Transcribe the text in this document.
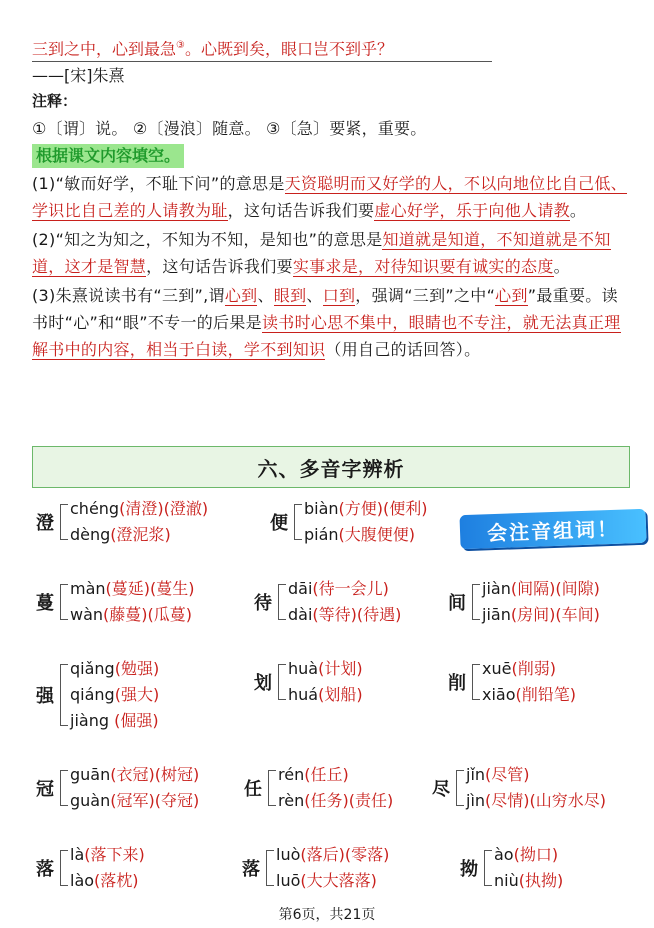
三到之中，心到最急③。心既到矣，眼口岂不到乎？
——[宋]朱熹
注释：
①〔谓〕说。 ②〔漫浪〕随意。 ③〔急〕要紧，重要。
根据课文内容填空。

(1)“敏而好学，不耻下问”的意思是天资聪明而又好学的人，不以向地位比自己低、学识比自己差的人请教为耻，这句话告诉我们要虚心好学，乐于向他人请教。

(2)“知之为知之，不知为不知，是知也”的意思是知道就是知道，不知道就是不知道，这才是智慧，这句话告诉我们要实事求是，对待知识要有诚实的态度。

(3)朱熹说读书有“三到”,谓心到、眼到、口到，强调“三到”之中“心到”最重要。读书时“心”和“眼”不专一的后果是读书时心思不集中，眼睛也不专注，就无法真正理解书中的内容，相当于白读，学不到知识（用自己的话回答）。

六、多音字辨析
会注音组词！
澄
chéng(清澄)(澄澈)
dèng(澄泥浆)
便
biàn(方便)(便利)
pián(大腹便便)
蔓
màn(蔓延)(蔓生)
wàn(藤蔓)(瓜蔓)
待
dāi(待一会儿)
dài(等待)(待遇)
间
jiàn(间隔)(间隙)
jiān(房间)(车间)
强
qiǎng(勉强)
qiáng(强大)
jiàng (倔强)
划
huà(计划)
huá(划船)
削
xuē(削弱)
xiāo(削铅笔)
冠
guān(衣冠)(树冠)
guàn(冠军)(夺冠)
任
rén(任丘)
rèn(任务)(责任)
尽
jǐn(尽管)
jìn(尽情)(山穷水尽)
落
là(落下来)
lào(落枕)
落
luò(落后)(零落)
luō(大大落落)
拗
ào(拗口)
niù(执拗)
第6页，共21页
